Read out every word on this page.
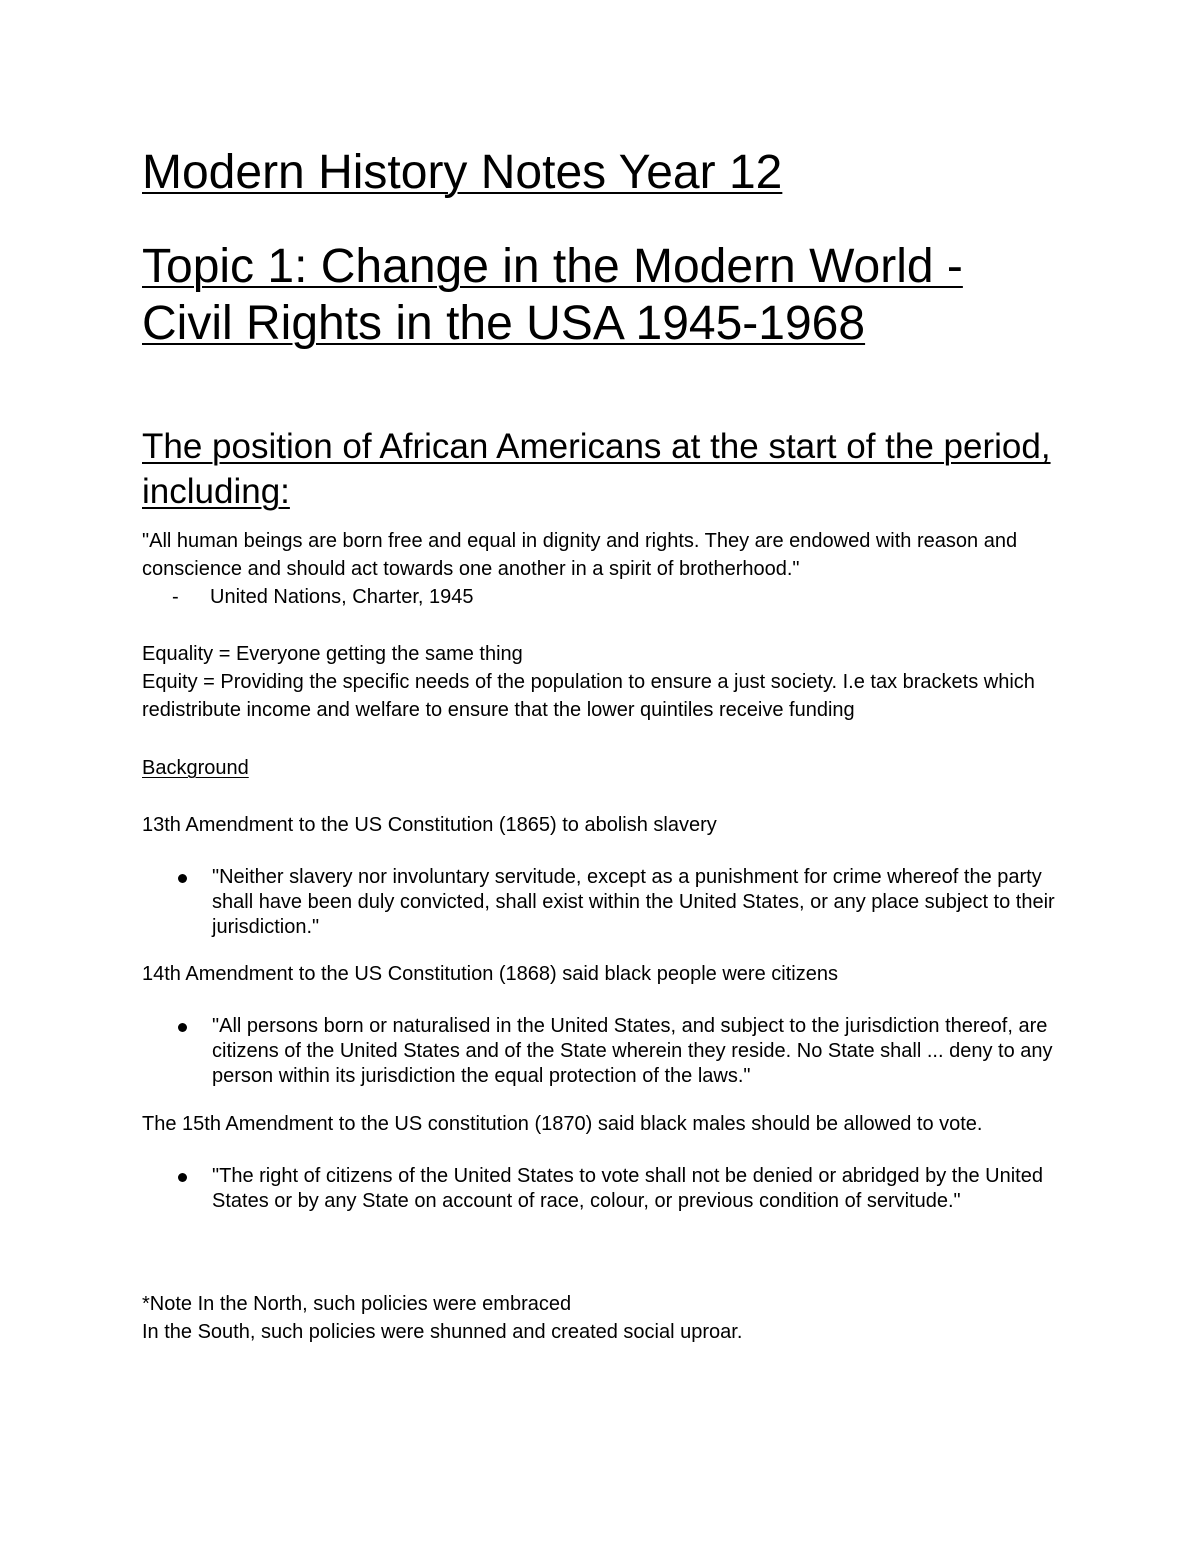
Modern History Notes Year 12
Topic 1: Change in the Modern World - Civil Rights in the USA 1945-1968
The position of African Americans at the start of the period, including:

"All human beings are born free and equal in dignity and rights. They are endowed with reason and conscience and should act towards one another in a spirit of brotherhood."

- United Nations, Charter, 1945
Equality = Everyone getting the same thing
Equity = Providing the specific needs of the population to ensure a just society. I.e tax brackets which redistribute income and welfare to ensure that the lower quintiles receive funding
Background
13th Amendment to the US Constitution (1865) to abolish slavery
"Neither slavery nor involuntary servitude, except as a punishment for crime whereof the party shall have been duly convicted, shall exist within the United States, or any place subject to their jurisdiction."
14th Amendment to the US Constitution (1868) said black people were citizens
"All persons born or naturalised in the United States, and subject to the jurisdiction thereof, are citizens of the United States and of the State wherein they reside. No State shall ... deny to any person within its jurisdiction the equal protection of the laws."
The 15th Amendment to the US constitution (1870) said black males should be allowed to vote.
"The right of citizens of the United States to vote shall not be denied or abridged by the United States or by any State on account of race, colour, or previous condition of servitude."
*Note In the North, such policies were embraced
In the South, such policies were shunned and created social uproar.
